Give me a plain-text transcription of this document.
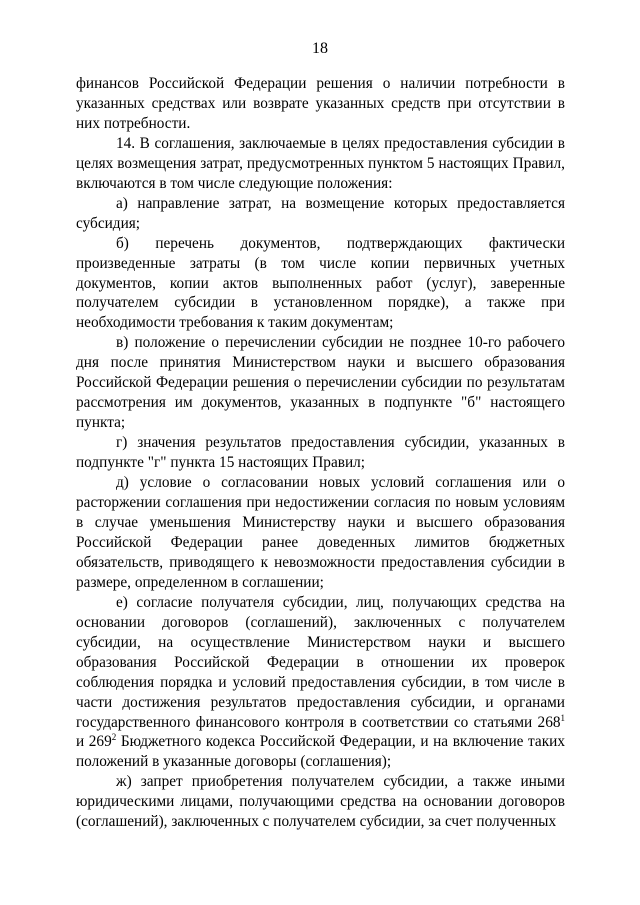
18

финансов Российской Федерации решения о наличии потребности в указанных средствах или возврате указанных средств при отсутствии в них потребности.

14. В соглашения, заключаемые в целях предоставления субсидии в целях возмещения затрат, предусмотренных пунктом 5 настоящих Правил, включаются в том числе следующие положения:

а) направление затрат, на возмещение которых предоставляется субсидия;

б) перечень документов, подтверждающих фактически произведенные затраты (в том числе копии первичных учетных документов, копии актов выполненных работ (услуг), заверенные получателем субсидии в установленном порядке), а также при необходимости требования к таким документам;

в) положение о перечислении субсидии не позднее 10-го рабочего дня после принятия Министерством науки и высшего образования Российской Федерации решения о перечислении субсидии по результатам рассмотрения им документов, указанных в подпункте "б" настоящего пункта;

г) значения результатов предоставления субсидии, указанных в подпункте "г" пункта 15 настоящих Правил;

д) условие о согласовании новых условий соглашения или о расторжении соглашения при недостижении согласия по новым условиям в случае уменьшения Министерству науки и высшего образования Российской Федерации ранее доведенных лимитов бюджетных обязательств, приводящего к невозможности предоставления субсидии в размере, определенном в соглашении;

е) согласие получателя субсидии, лиц, получающих средства на основании договоров (соглашений), заключенных с получателем субсидии, на осуществление Министерством науки и высшего образования Российской Федерации в отношении их проверок соблюдения порядка и условий предоставления субсидии, в том числе в части достижения результатов предоставления субсидии, и органами государственного финансового контроля в соответствии со статьями $268^1$ и $269^2$ Бюджетного кодекса Российской Федерации, и на включение таких положений в указанные договоры (соглашения);

ж) запрет приобретения получателем субсидии, а также иными юридическими лицами, получающими средства на основании договоров (соглашений), заключенных с получателем субсидии, за счет полученных
